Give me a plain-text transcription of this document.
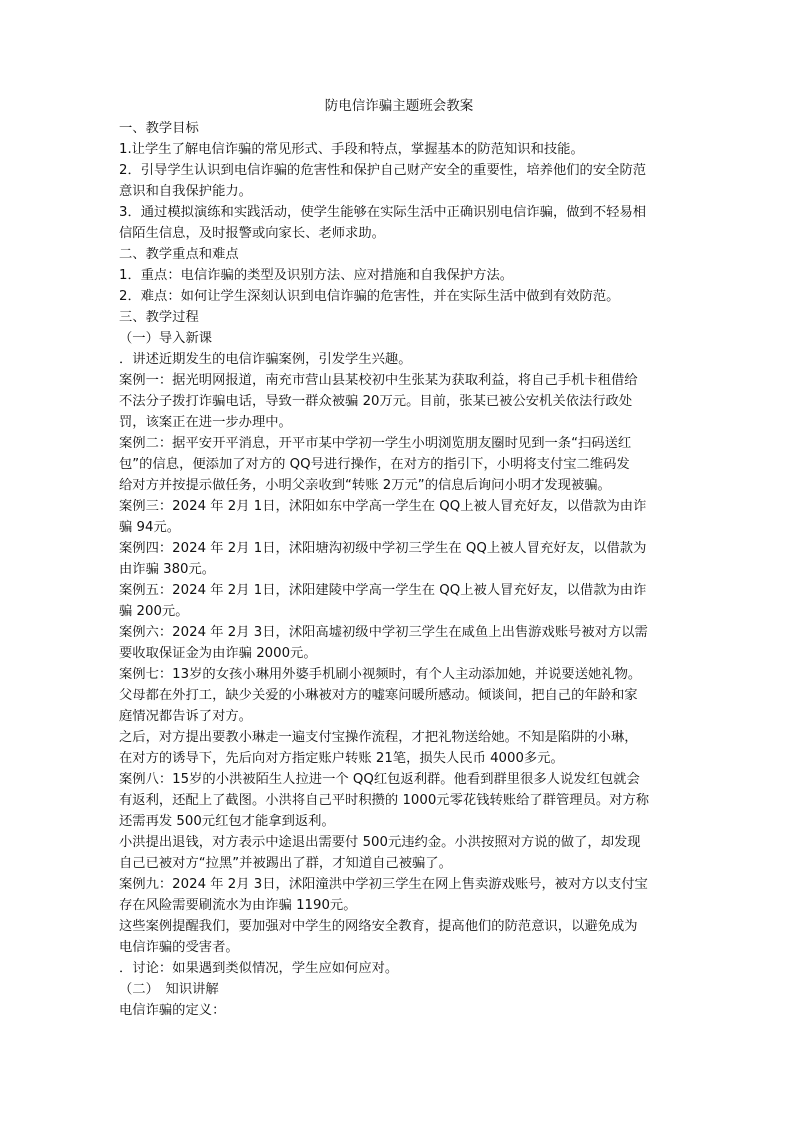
防电信诈骗主题班会教案
一、教学目标
1.让学生了解电信诈骗的常见形式、手段和特点，掌握基本的防范知识和技能。
2．引导学生认识到电信诈骗的危害性和保护自己财产安全的重要性，培养他们的安全防范
意识和自我保护能力。
3．通过模拟演练和实践活动，使学生能够在实际生活中正确识别电信诈骗，做到不轻易相
信陌生信息，及时报警或向家长、老师求助。
二、教学重点和难点
1．重点：电信诈骗的类型及识别方法、应对措施和自我保护方法。
2．难点：如何让学生深刻认识到电信诈骗的危害性，并在实际生活中做到有效防范。
三、教学过程
（一）导入新课
．讲述近期发生的电信诈骗案例，引发学生兴趣。
案例一：据光明网报道，南充市营山县某校初中生张某为获取利益，将自己手机卡租借给
不法分子拨打诈骗电话，导致一群众被骗 20万元。目前，张某已被公安机关依法行政处
罚，该案正在进一步办理中。
案例二：据平安开平消息，开平市某中学初一学生小明浏览朋友圈时见到一条“扫码送红
包”的信息，便添加了对方的 QQ号进行操作，在对方的指引下，小明将支付宝二维码发
给对方并按提示做任务，小明父亲收到“转账 2万元”的信息后询问小明才发现被骗。
案例三：2024 年 2月 1日，沭阳如东中学高一学生在 QQ上被人冒充好友，以借款为由诈
骗 94元。
案例四：2024 年 2月 1日，沭阳塘沟初级中学初三学生在 QQ上被人冒充好友，以借款为
由诈骗 380元。
案例五：2024 年 2月 1日，沭阳建陵中学高一学生在 QQ上被人冒充好友，以借款为由诈
骗 200元。
案例六：2024 年 2月 3日，沭阳高墟初级中学初三学生在咸鱼上出售游戏账号被对方以需
要收取保证金为由诈骗 2000元。
案例七：13岁的女孩小琳用外婆手机刷小视频时，有个人主动添加她，并说要送她礼物。
父母都在外打工，缺少关爱的小琳被对方的嘘寒问暖所感动。倾谈间，把自己的年龄和家
庭情况都告诉了对方。
之后，对方提出要教小琳走一遍支付宝操作流程，才把礼物送给她。不知是陷阱的小琳，
在对方的诱导下，先后向对方指定账户转账 21笔，损失人民币 4000多元。
案例八：15岁的小洪被陌生人拉进一个 QQ红包返利群。他看到群里很多人说发红包就会
有返利，还配上了截图。小洪将自己平时积攒的 1000元零花钱转账给了群管理员。对方称
还需再发 500元红包才能拿到返利。
小洪提出退钱，对方表示中途退出需要付 500元违约金。小洪按照对方说的做了，却发现
自己已被对方“拉黑”并被踢出了群，才知道自己被骗了。
案例九：2024 年 2月 3日，沭阳潼洪中学初三学生在网上售卖游戏账号，被对方以支付宝
存在风险需要刷流水为由诈骗 1190元。
这些案例提醒我们，要加强对中学生的网络安全教育，提高他们的防范意识，以避免成为
电信诈骗的受害者。
．讨论：如果遇到类似情况，学生应如何应对。
（二）　知识讲解
电信诈骗的定义：
